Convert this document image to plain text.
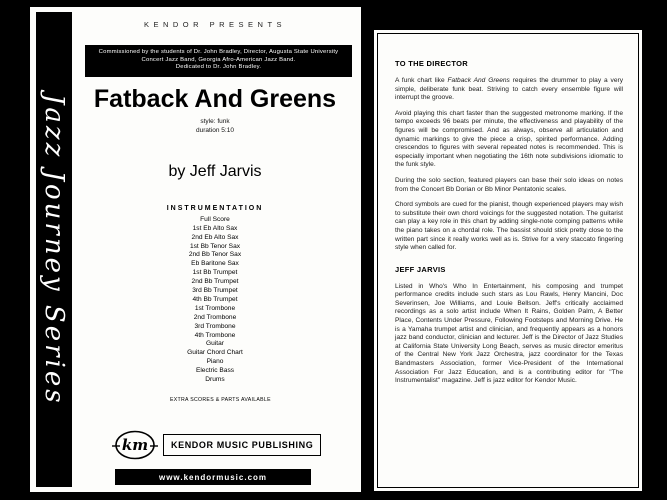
Jazz Journey Series
KENDOR PRESENTS
Commissioned by the students of Dr. John Bradley, Director, Augusta State University
Concert Jazz Band, Georgia Afro-American Jazz Band.
Dedicated to Dr. John Bradley.
Fatback And Greens
style: funk
duration 5:10
by Jeff Jarvis
INSTRUMENTATION
Full Score
1st Eb Alto Sax
2nd Eb Alto Sax
1st Bb Tenor Sax
2nd Bb Tenor Sax
Eb Baritone Sax
1st Bb Trumpet
2nd Bb Trumpet
3rd Bb Trumpet
4th Bb Trumpet
1st Trombone
2nd Trombone
3rd Trombone
4th Trombone
Guitar
Guitar Chord Chart
Piano
Electric Bass
Drums
EXTRA SCORES & PARTS AVAILABLE
km	KENDOR MUSIC PUBLISHING
www.kendormusic.com
TO THE DIRECTOR

A funk chart like Fatback And Greens requires the drummer to play a very simple, deliberate funk beat. Striving to catch every ensemble figure will interrupt the groove.

Avoid playing this chart faster than the suggested metronome marking. If the tempo exceeds 96 beats per minute, the effectiveness and playability of the figures will be compromised. And as always, observe all articulation and dynamic markings to give the piece a crisp, spirited performance. Adding crescendos to figures with several repeated notes is recommended. This is especially important when negotiating the 16th note subdivisions idiomatic to the funk style.

During the solo section, featured players can base their solo ideas on notes from the Concert Bb Dorian or Bb Minor Pentatonic scales.

Chord symbols are cued for the pianist, though experienced players may wish to substitute their own chord voicings for the suggested notation. The guitarist can play a key role in this chart by adding single-note comping patterns while the piano takes on a chordal role. The bassist should stick pretty close to the written part since it really works well as is. Strive for a very staccato fingering style when called for.

JEFF JARVIS

Listed in Who's Who In Entertainment, his composing and trumpet performance credits include such stars as Lou Rawls, Henry Mancini, Doc Severinsen, Joe Williams, and Louie Bellson. Jeff's critically acclaimed recordings as a solo artist include When It Rains, Golden Palm, A Better Place, Contents Under Pressure, Following Footsteps and Morning Drive. He is a Yamaha trumpet artist and clinician, and frequently appears as a honors jazz band conductor, clinician and lecturer. Jeff is the Director of Jazz Studies at California State University Long Beach, serves as music director emeritus of the Central New York Jazz Orchestra, jazz coordinator for the Texas Bandmasters Association, former Vice-President of the International Association For Jazz Education, and is a contributing editor for "The Instrumentalist" magazine. Jeff is jazz editor for Kendor Music.
